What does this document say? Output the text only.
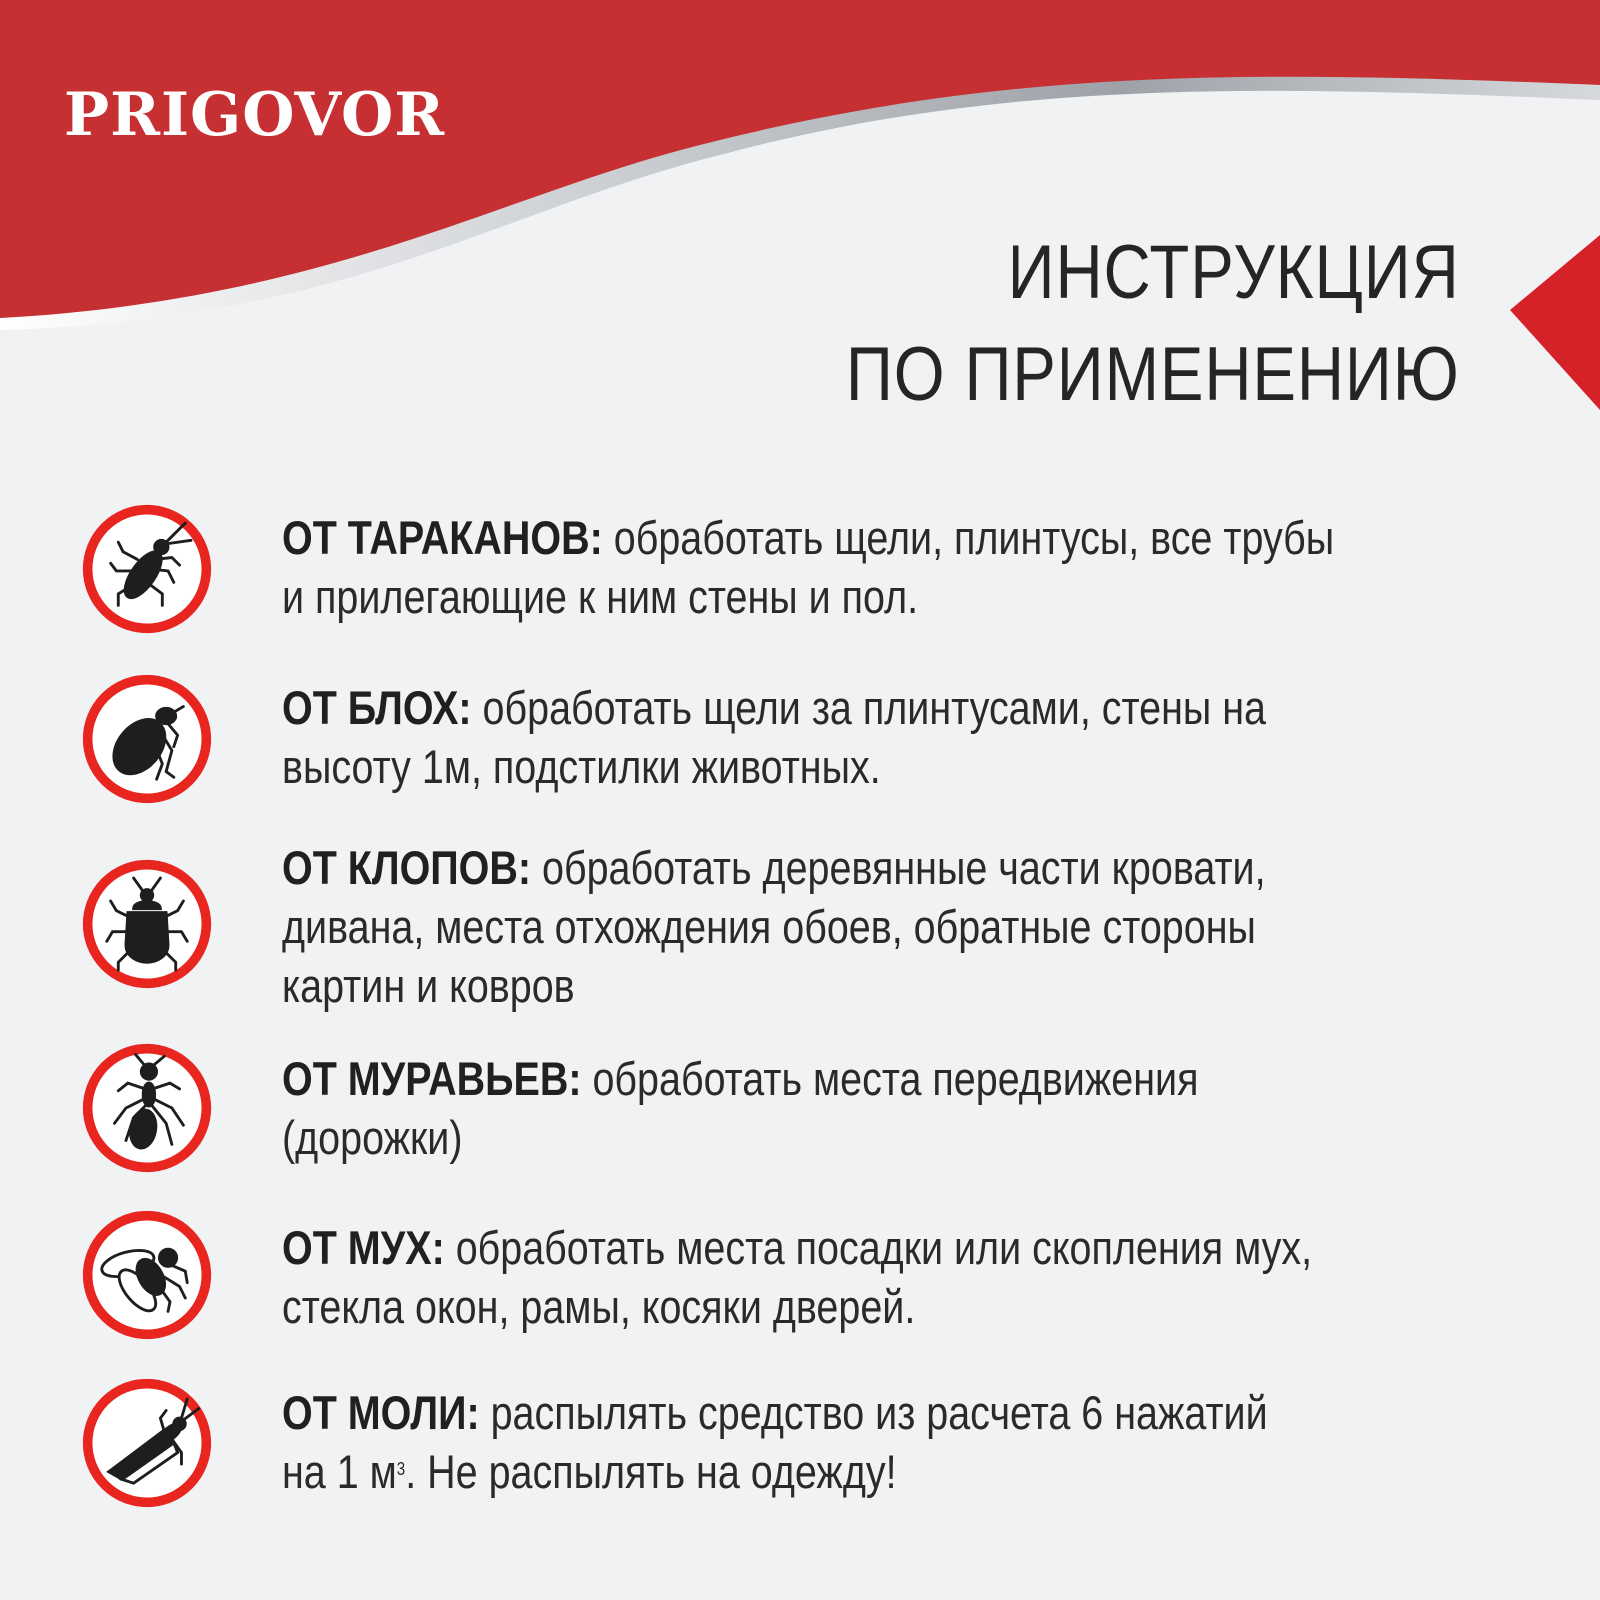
PRIGOVOR
ИНСТРУКЦИЯ
ПО ПРИМЕНЕНИЮ
ОТ ТАРАКАНОВ: обработать щели, плинтусы, все трубы
и прилегающие к ним стены и пол.
ОТ БЛОХ: обработать щели за плинтусами, стены на
высоту 1м, подстилки животных.
ОТ КЛОПОВ: обработать деревянные части кровати,
дивана, места отхождения обоев, обратные стороны
картин и ковров
ОТ МУРАВЬЕВ: обработать места передвижения
(дорожки)
ОТ МУХ: обработать места посадки или скопления мух,
стекла окон, рамы, косяки дверей.
ОТ МОЛИ: распылять средство из расчета 6 нажатий
на 1 $м^3$. Не распылять на одежду!
